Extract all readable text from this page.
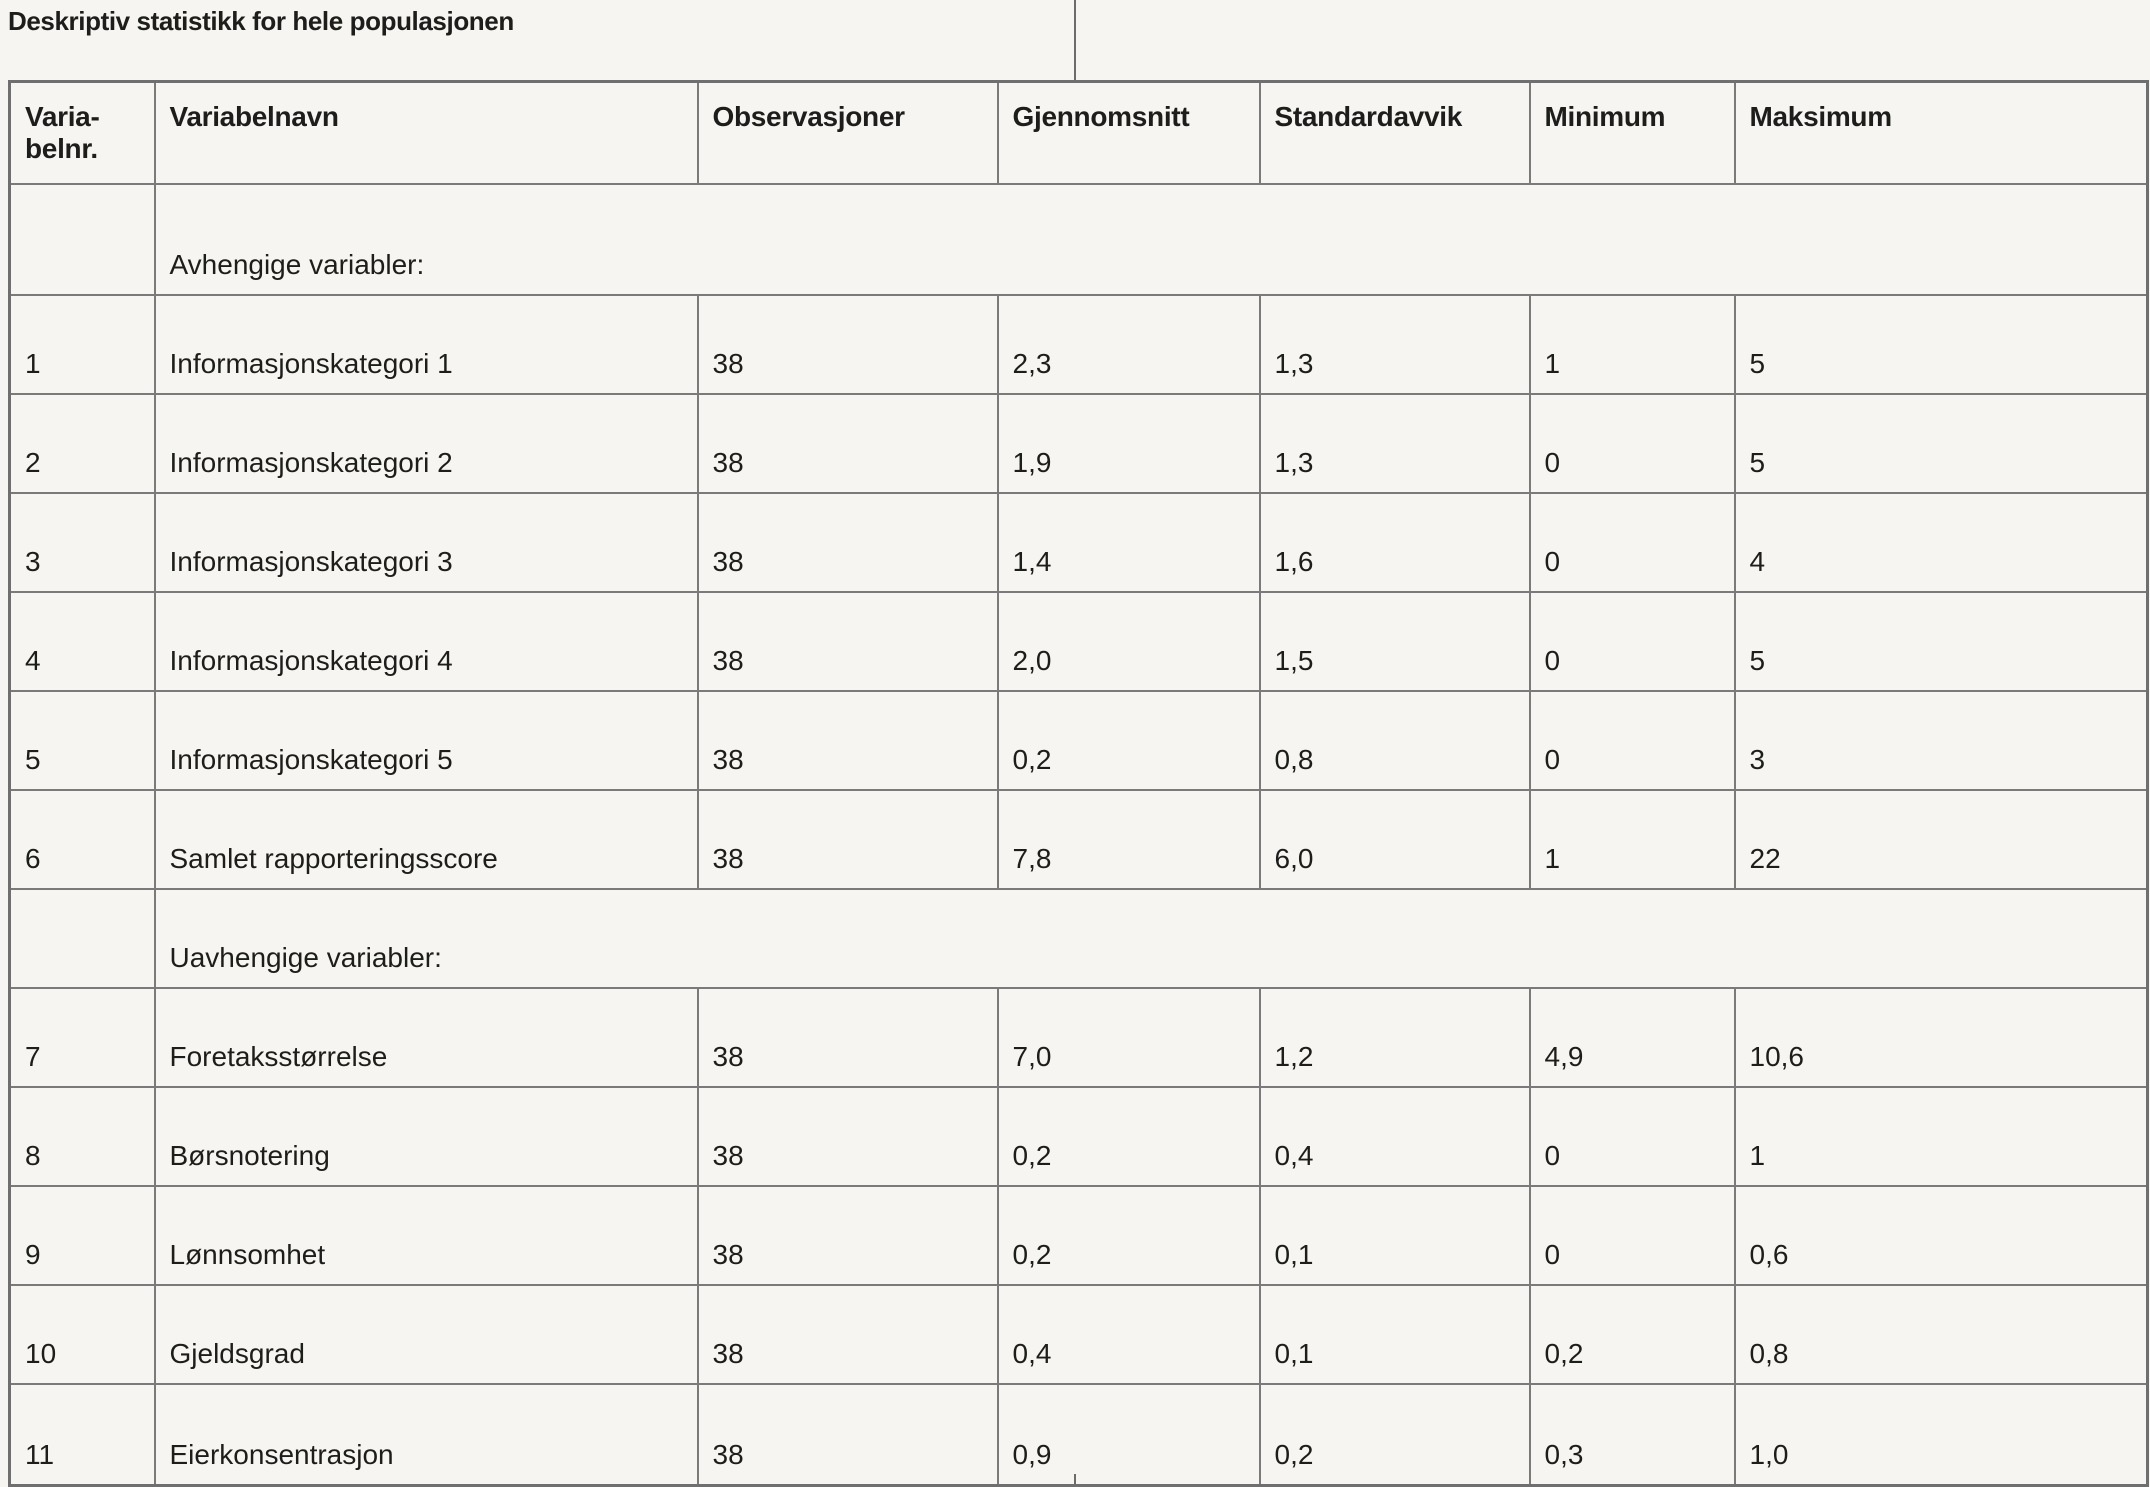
Deskriptiv statistikk for hele populasjonen
Varia-belnr.	Variabelnavn	Observasjoner	Gjennomsnitt	Standardavvik	Minimum	Maksimum
	Avhengige variabler:					
1	Informasjonskategori 1	38	2,3	1,3	1	5
2	Informasjonskategori 2	38	1,9	1,3	0	5
3	Informasjonskategori 3	38	1,4	1,6	0	4
4	Informasjonskategori 4	38	2,0	1,5	0	5
5	Informasjonskategori 5	38	0,2	0,8	0	3
6	Samlet rapporteringsscore	38	7,8	6,0	1	22
	Uavhengige variabler:					
7	Foretaksstørrelse	38	7,0	1,2	4,9	10,6
8	Børsnotering	38	0,2	0,4	0	1
9	Lønnsomhet	38	0,2	0,1	0	0,6
10	Gjeldsgrad	38	0,4	0,1	0,2	0,8
11	Eierkonsentrasjon	38	0,9	0,2	0,3	1,0
